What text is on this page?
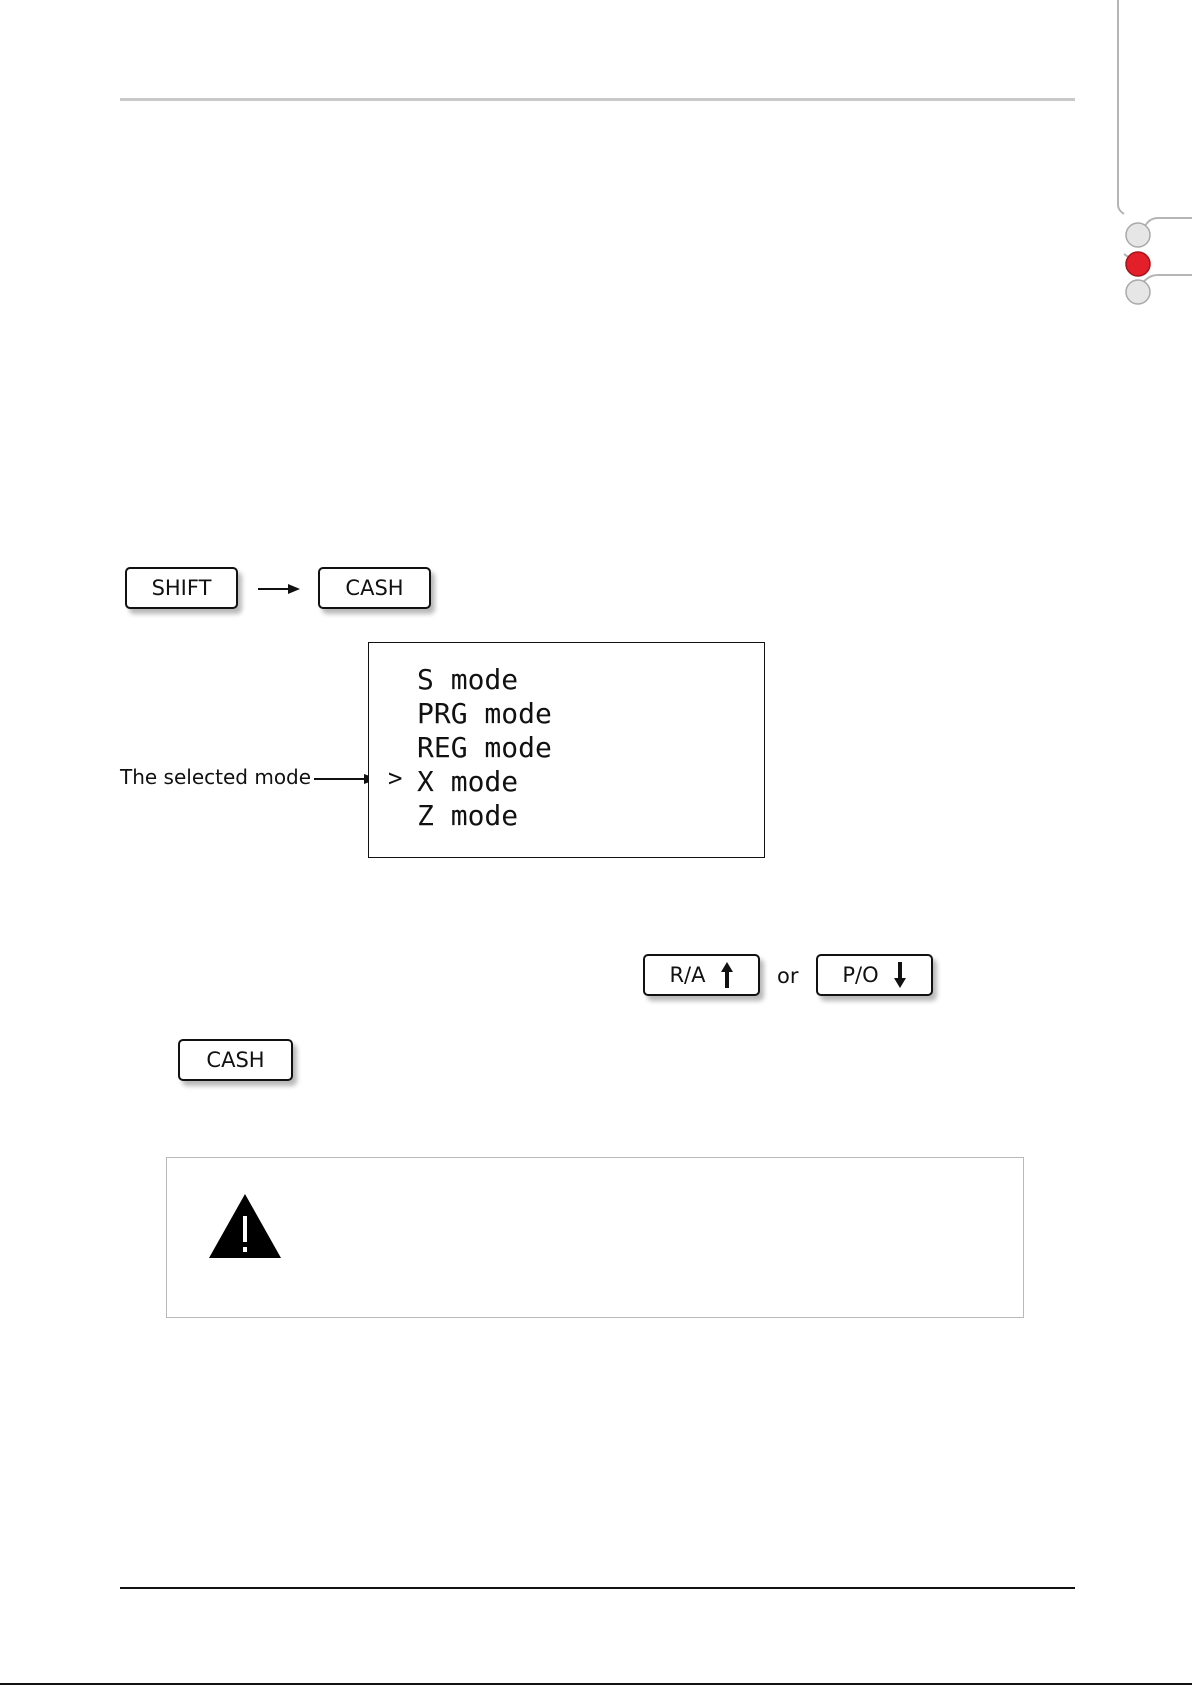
SHIFT	CASH
The selected mode
S mode
PRG mode
REG mode
X mode
Z mode
>
R/A	or P/O
CASH
